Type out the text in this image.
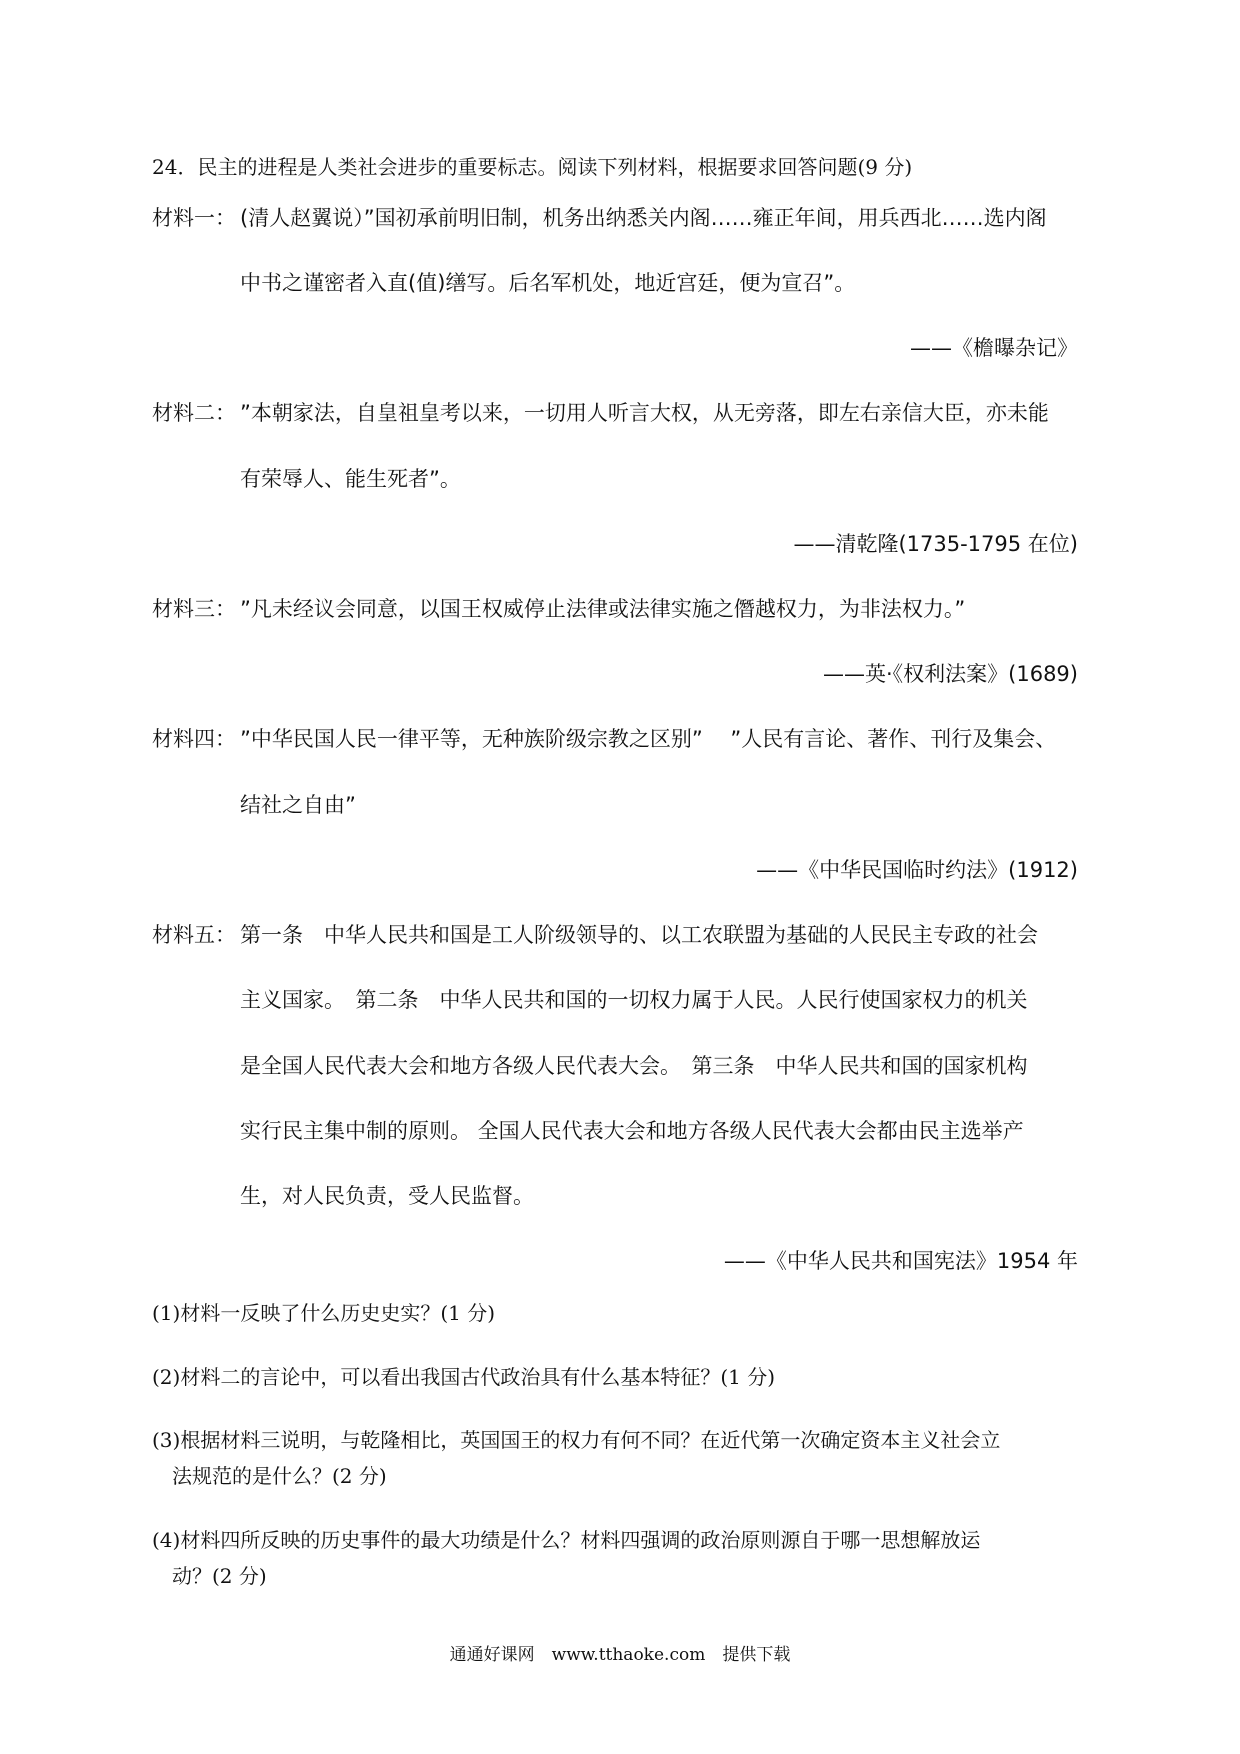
24．民主的进程是人类社会进步的重要标志。阅读下列材料，根据要求回答问题(9 分)
材料一： (清人赵翼说）”国初承前明旧制，机务出纳悉关内阁……雍正年间，用兵西北……选内阁
中书之谨密者入直(值)缮写。后名军机处，地近宫廷，便为宣召”。
——《檐曝杂记》
材料二： ”本朝家法，自皇祖皇考以来，一切用人听言大权，从无旁落，即左右亲信大臣，亦未能
有荣辱人、能生死者”。
——清乾隆(1735-1795 在位)
材料三： ”凡未经议会同意，以国王权威停止法律或法律实施之僭越权力，为非法权力。”
——英·《权利法案》(1689)
材料四： ”中华民国人民一律平等，无种族阶级宗教之区别”　 ”人民有言论、著作、刊行及集会、
结社之自由”
——《中华民国临时约法》(1912)
材料五： 第一条　中华人民共和国是工人阶级领导的、以工农联盟为基础的人民民主专政的社会
主义国家。　第二条　中华人民共和国的一切权力属于人民。人民行使国家权力的机关
是全国人民代表大会和地方各级人民代表大会。　第三条　中华人民共和国的国家机构
实行民主集中制的原则。 全国人民代表大会和地方各级人民代表大会都由民主选举产
生，对人民负责，受人民监督。
——《中华人民共和国宪法》1954 年
(1)材料一反映了什么历史史实？(1 分)
(2)材料二的言论中，可以看出我国古代政治具有什么基本特征？(1 分)
(3)根据材料三说明，与乾隆相比，英国国王的权力有何不同？在近代第一次确定资本主义社会立
法规范的是什么？(2 分)
(4)材料四所反映的历史事件的最大功绩是什么？材料四强调的政治原则源自于哪一思想解放运
动？(2 分)
通通好课网　www.tthaoke.com　提供下载
